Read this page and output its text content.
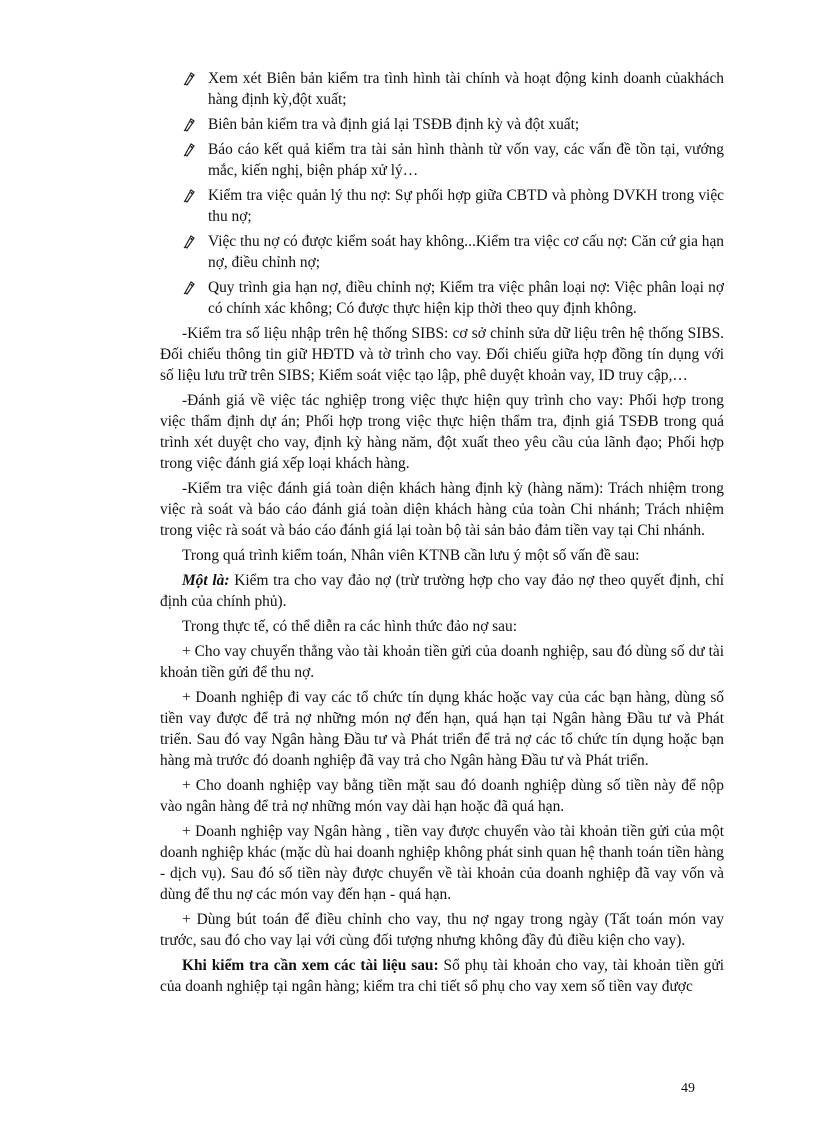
Xem xét Biên bản kiểm tra tình hình tài chính và hoạt động kinh doanh củakhách hàng định kỳ,đột xuất;
Biên bản kiểm tra và định giá lại TSĐB định kỳ và đột xuất;
Báo cáo kết quả kiểm tra tài sản hình thành từ vốn vay, các vấn đề tồn tại, vướng mắc, kiến nghị, biện pháp xử lý…
Kiểm tra việc quản lý thu nợ: Sự phối hợp giữa CBTD và phòng DVKH trong việc thu nợ;
Việc thu nợ có được kiểm soát hay không...Kiểm tra việc cơ cấu nợ: Căn cứ gia hạn nợ, điều chỉnh nợ;
Quy trình gia hạn nợ, điều chỉnh nợ; Kiểm tra việc phân loại nợ: Việc phân loại nợ có chính xác không; Có được thực hiện kịp thời theo quy định không.

-Kiểm tra số liệu nhập trên hệ thống SIBS: cơ sở chỉnh sửa dữ liệu trên hệ thống SIBS. Đối chiếu thông tin giữ HĐTD và tờ trình cho vay. Đối chiếu giữa hợp đồng tín dụng với số liệu lưu trữ trên SIBS; Kiểm soát việc tạo lập, phê duyệt khoản vay, ID truy cập,…

-Đánh giá về việc tác nghiệp trong việc thực hiện quy trình cho vay: Phối hợp trong việc thẩm định dự án; Phối hợp trong việc thực hiện thẩm tra, định giá TSĐB trong quá trình xét duyệt cho vay, định kỳ hàng năm, đột xuất theo yêu cầu của lãnh đạo; Phối hợp trong việc đánh giá xếp loại khách hàng.

-Kiểm tra việc đánh giá toàn diện khách hàng định kỳ (hàng năm): Trách nhiệm trong việc rà soát và báo cáo đánh giá toàn diện khách hàng của toàn Chi nhánh; Trách nhiệm trong việc rà soát và báo cáo đánh giá lại toàn bộ tài sản bảo đảm tiền vay tại Chi nhánh.

Trong quá trình kiểm toán, Nhân viên KTNB cần lưu ý một số vấn đề sau:

Một là: Kiểm tra cho vay đảo nợ (trừ trường hợp cho vay đảo nợ theo quyết định, chỉ định của chính phủ).

Trong thực tế, có thể diễn ra các hình thức đảo nợ sau:

+ Cho vay chuyển thẳng vào tài khoản tiền gửi của doanh nghiệp, sau đó dùng số dư tài khoản tiền gửi để thu nợ.

+ Doanh nghiệp đi vay các tổ chức tín dụng khác hoặc vay của các bạn hàng, dùng số tiền vay được để trả nợ những món nợ đến hạn, quá hạn tại Ngân hàng Đầu tư và Phát triển. Sau đó vay Ngân hàng Đầu tư và Phát triển để trả nợ các tổ chức tín dụng hoặc bạn hàng mà trước đó doanh nghiệp đã vay trả cho Ngân hàng Đầu tư và Phát triển.

+ Cho doanh nghiệp vay bằng tiền mặt sau đó doanh nghiệp dùng số tiền này để nộp vào ngân hàng để trả nợ những món vay dài hạn hoặc đã quá hạn.

+ Doanh nghiệp vay Ngân hàng , tiền vay được chuyển vào tài khoản tiền gửi của một doanh nghiệp khác (mặc dù hai doanh nghiệp không phát sinh quan hệ thanh toán tiền hàng - dịch vụ). Sau đó số tiền này được chuyển về tài khoản của doanh nghiệp đã vay vốn và dùng để thu nợ các món vay đến hạn - quá hạn.

+ Dùng bút toán để điều chỉnh cho vay, thu nợ ngay trong ngày (Tất toán món vay trước, sau đó cho vay lại với cùng đối tượng nhưng không đầy đủ điều kiện cho vay).

Khi kiểm tra cần xem các tài liệu sau: Sổ phụ tài khoản cho vay, tài khoản tiền gửi của doanh nghiệp tại ngân hàng; kiểm tra chi tiết sổ phụ cho vay xem số tiền vay được

49
